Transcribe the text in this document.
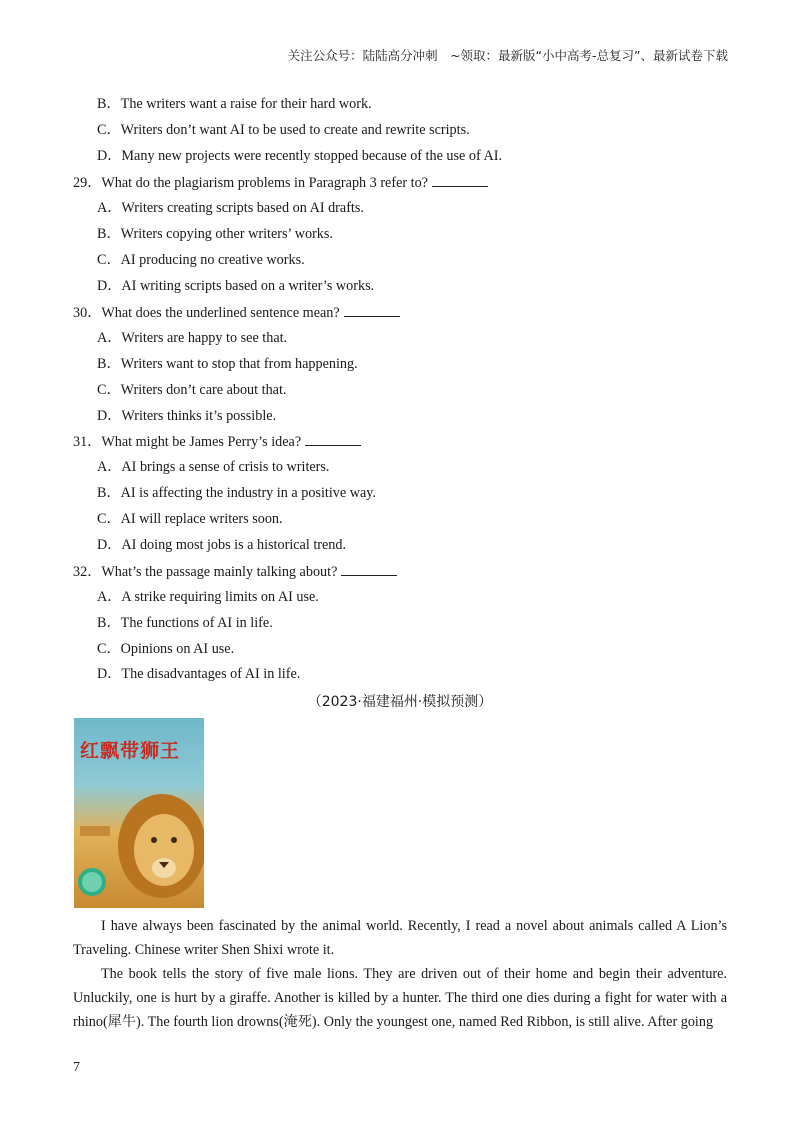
关注公众号：陆陆高分冲刺　~领取：最新版“小中高考-总复习”、最新试卷下载
B．The writers want a raise for their hard work.
C．Writers don’t want AI to be used to create and rewrite scripts.
D．Many new projects were recently stopped because of the use of AI.
29．What do the plagiarism problems in Paragraph 3 refer to?
A．Writers creating scripts based on AI drafts.
B．Writers copying other writers’ works.
C．AI producing no creative works.
D．AI writing scripts based on a writer’s works.
30．What does the underlined sentence mean?
A．Writers are happy to see that.
B．Writers want to stop that from happening.
C．Writers don’t care about that.
D．Writers thinks it’s possible.
31．What might be James Perry’s idea?
A．AI brings a sense of crisis to writers.
B．AI is affecting the industry in a positive way.
C．AI will replace writers soon.
D．AI doing most jobs is a historical trend.
32．What’s the passage mainly talking about?
A．A strike requiring limits on AI use.
B．The functions of AI in life.
C．Opinions on AI use.
D．The disadvantages of AI in life.
（2023·福建福州·模拟预测）
红飘带狮王
I have always been fascinated by the animal world. Recently, I read a novel about animals called A Lion’s Traveling. Chinese writer Shen Shixi wrote it.
The book tells the story of five male lions. They are driven out of their home and begin their adventure. Unluckily, one is hurt by a giraffe. Another is killed by a hunter. The third one dies during a fight for water with a rhino(犀牛). The fourth lion drowns(淹死). Only the youngest one, named Red Ribbon, is still alive. After going
7
